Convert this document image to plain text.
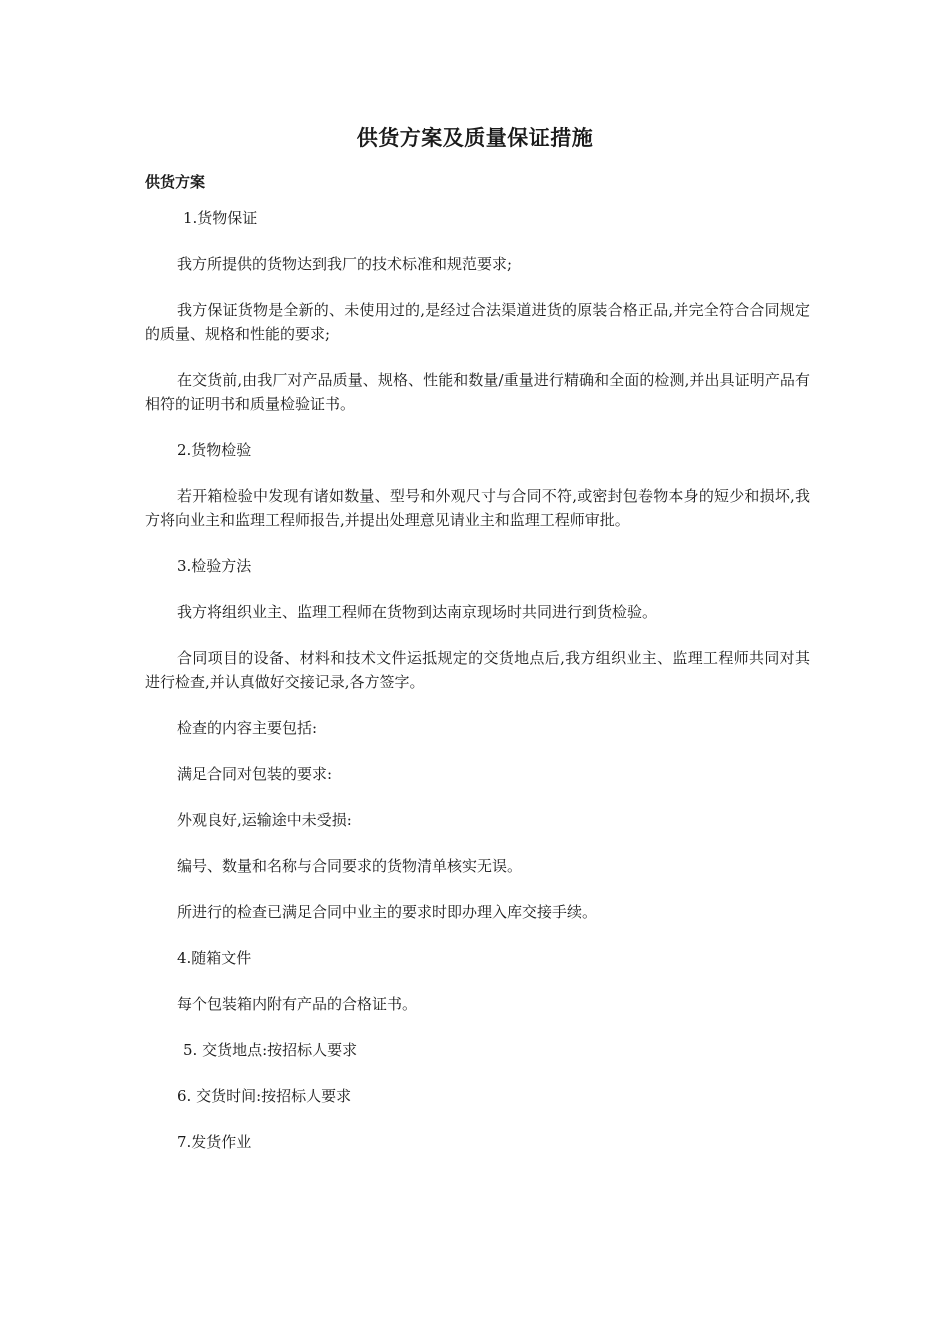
供货方案及质量保证措施
供货方案
1.货物保证
我方所提供的货物达到我厂的技术标准和规范要求;
我方保证货物是全新的、未使用过的,是经过合法渠道进货的原装合格正品,并完全符合合同规定的质量、规格和性能的要求;
在交货前,由我厂对产品质量、规格、性能和数量/重量进行精确和全面的检测,并出具证明产品有相符的证明书和质量检验证书。
2.货物检验
若开箱检验中发现有诸如数量、型号和外观尺寸与合同不符,或密封包卷物本身的短少和损坏,我方将向业主和监理工程师报告,并提出处理意见请业主和监理工程师审批。
3.检验方法
我方将组织业主、监理工程师在货物到达南京现场时共同进行到货检验。
合同项目的设备、材料和技术文件运抵规定的交货地点后,我方组织业主、监理工程师共同对其进行检查,并认真做好交接记录,各方签字。
检查的内容主要包括:
满足合同对包装的要求:
外观良好,运输途中未受损:
编号、数量和名称与合同要求的货物清单核实无误。
所进行的检查已满足合同中业主的要求时即办理入库交接手续。
4.随箱文件
每个包装箱内附有产品的合格证书。
5. 交货地点:按招标人要求
6. 交货时间:按招标人要求
7.发货作业
